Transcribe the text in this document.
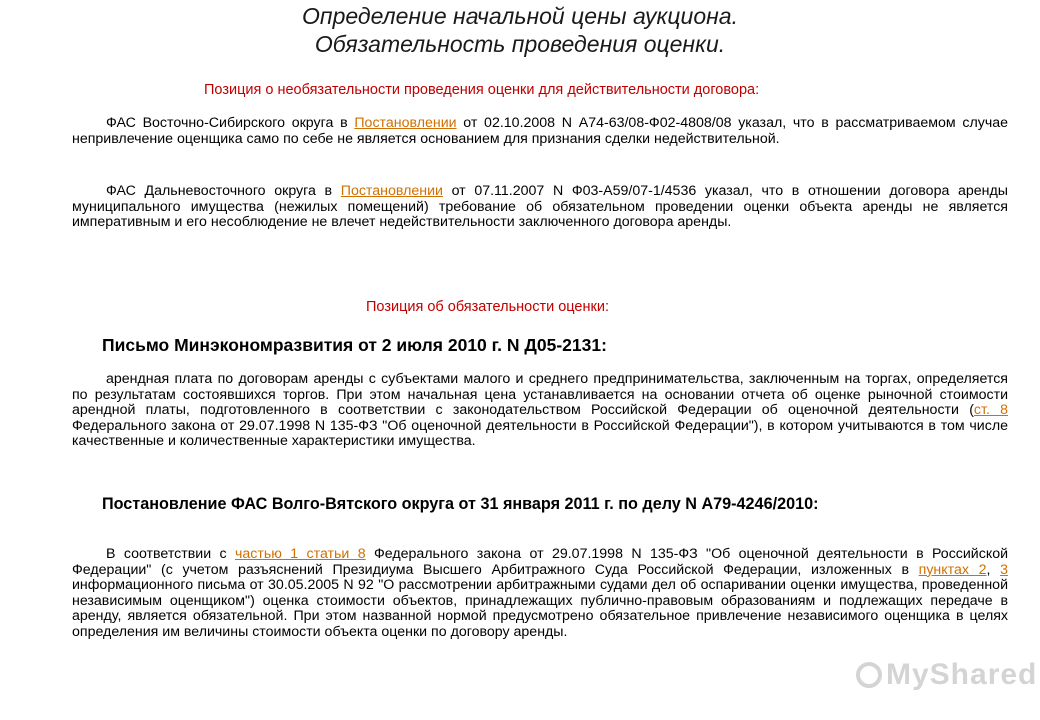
Определение начальной цены аукциона.
Обязательность проведения оценки.
Позиция о необязательности проведения оценки для действительности договора:
ФАС Восточно-Сибирского округа в Постановлении от 02.10.2008 N А74-63/08-Ф02-4808/08 указал, что в рассматриваемом случае непривлечение оценщика само по себе не является основанием для признания сделки недействительной.
ФАС Дальневосточного округа в Постановлении от 07.11.2007 N Ф03-А59/07-1/4536 указал, что в отношении договора аренды муниципального имущества (нежилых помещений) требование об обязательном проведении оценки объекта аренды не является императивным и его несоблюдение не влечет недействительности заключенного договора аренды.
Позиция об обязательности оценки:
Письмо Минэкономразвития от 2 июля 2010 г. N Д05-2131:
арендная плата по договорам аренды с субъектами малого и среднего предпринимательства, заключенным на торгах, определяется по результатам состоявшихся торгов. При этом начальная цена устанавливается на основании отчета об оценке рыночной стоимости арендной платы, подготовленного в соответствии с законодательством Российской Федерации об оценочной деятельности (ст. 8 Федерального закона от 29.07.1998 N 135-ФЗ "Об оценочной деятельности в Российской Федерации"), в котором учитываются в том числе качественные и количественные характеристики имущества.
Постановление ФАС Волго-Вятского округа от 31 января 2011 г. по делу N А79-4246/2010:
В соответствии с частью 1 статьи 8 Федерального закона от 29.07.1998 N 135-ФЗ "Об оценочной деятельности в Российской Федерации" (с учетом разъяснений Президиума Высшего Арбитражного Суда Российской Федерации, изложенных в пунктах 2, 3 информационного письма от 30.05.2005 N 92 "О рассмотрении арбитражными судами дел об оспаривании оценки имущества, проведенной независимым оценщиком") оценка стоимости объектов, принадлежащих публично-правовым образованиям и подлежащих передаче в аренду, является обязательной. При этом названной нормой предусмотрено обязательное привлечение независимого оценщика в целях определения им величины стоимости объекта оценки по договору аренды.
MyShared
